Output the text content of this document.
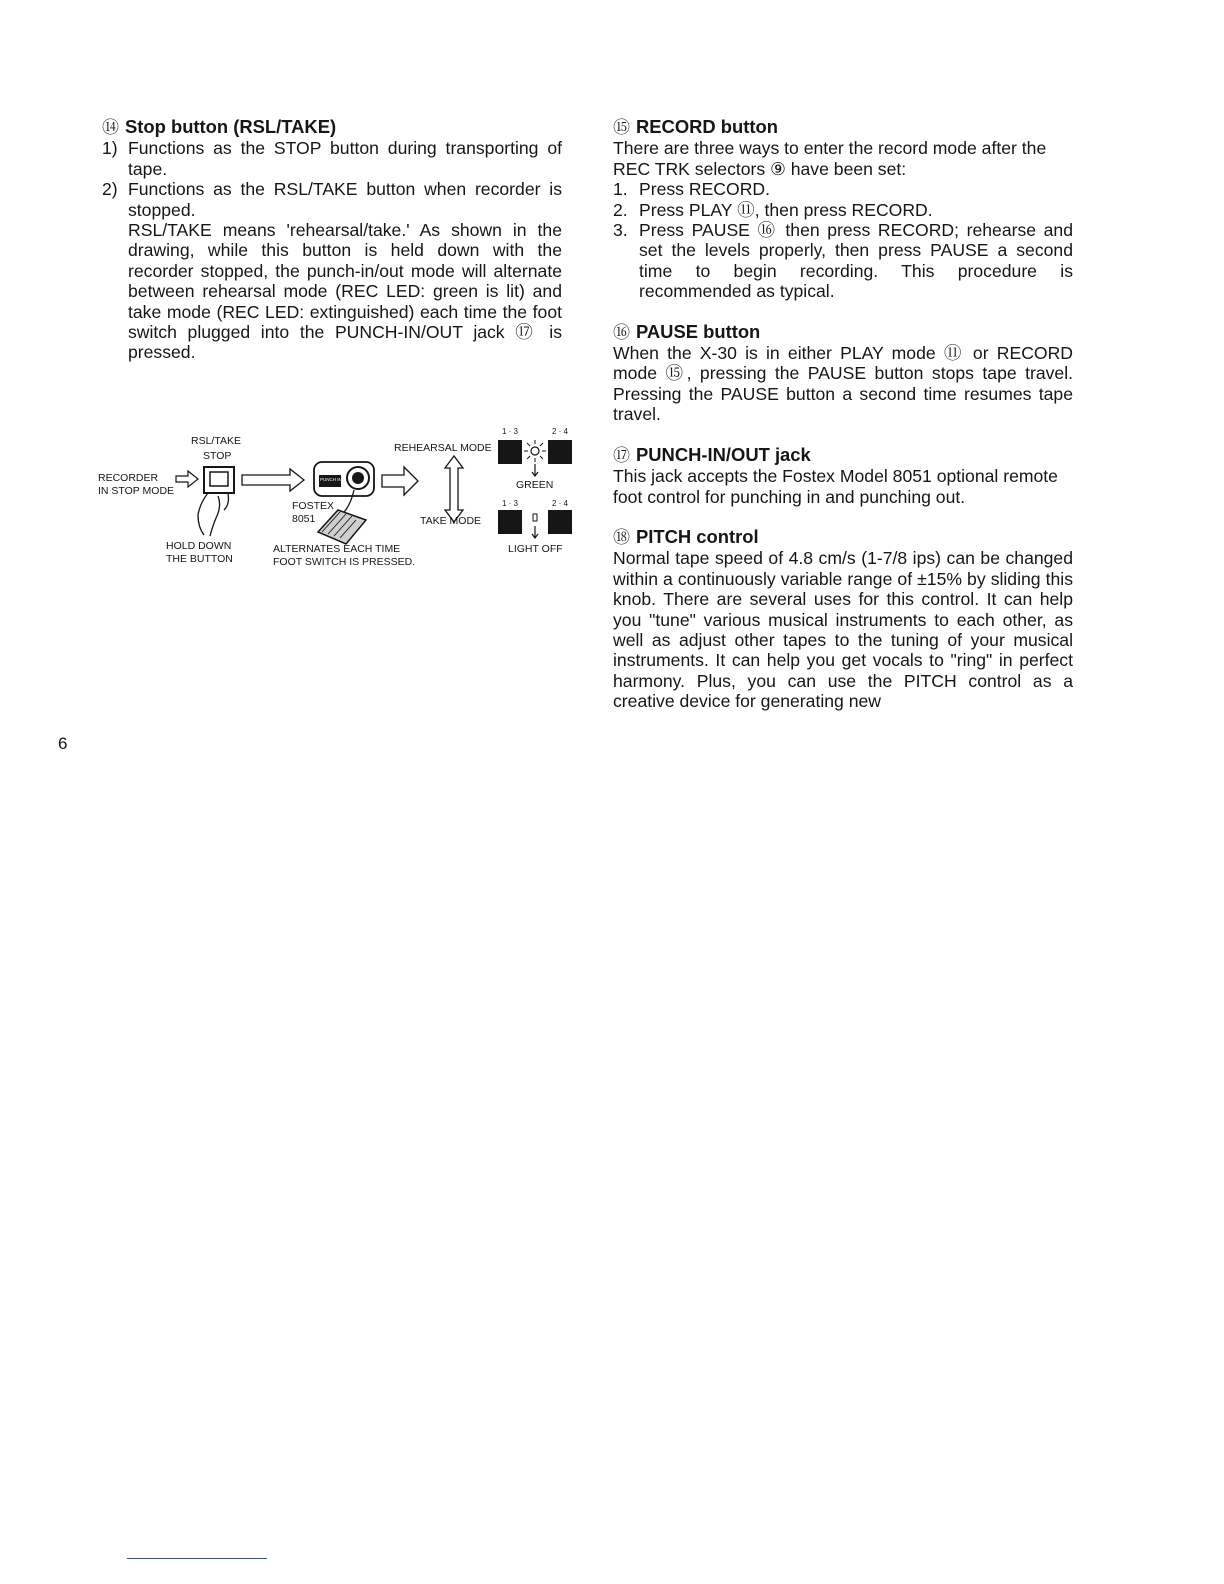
⑭ Stop button (RSL/TAKE)
1) Functions as the STOP button during transporting of tape.
2) Functions as the RSL/TAKE button when recorder is stopped.

RSL/TAKE means 'rehearsal/take.' As shown in the drawing, while this button is held down with the recorder stopped, the punch-in/out mode will alternate between rehearsal mode (REC LED: green is lit) and take mode (REC LED: extinguished) each time the foot switch plugged into the PUNCH-IN/OUT jack ⑰ is pressed.

RSL/TAKE
STOP
RECORDER
IN STOP MODE
HOLD DOWN
THE BUTTON
PUNCH IN/OUT
FOSTEX
8051
ALTERNATES EACH TIME
FOOT SWITCH IS PRESSED.
REHEARSAL MODE
TAKE MODE
1 · 3	2 · 4
GREEN
1 · 3	2 · 4
LIGHT OFF
⑮ RECORD button

There are three ways to enter the record mode after the REC TRK selectors ⑨ have been set:

1. Press RECORD.
2. Press PLAY ⑪, then press RECORD.
3. Press PAUSE ⑯ then press RECORD; rehearse and set the levels properly, then press PAUSE a second time to begin recording. This procedure is recommended as typical.
⑯ PAUSE button

When the X-30 is in either PLAY mode ⑪ or RECORD mode ⑮, pressing the PAUSE button stops tape travel. Pressing the PAUSE button a second time resumes tape travel.

⑰ PUNCH-IN/OUT jack

This jack accepts the Fostex Model 8051 optional remote foot control for punching in and punching out.

⑱ PITCH control

Normal tape speed of 4.8 cm/s (1-7/8 ips) can be changed within a continuously variable range of ±15% by sliding this knob. There are several uses for this control. It can help you "tune" various musical instruments to each other, as well as adjust other tapes to the tuning of your musical instruments. It can help you get vocals to "ring" in perfect harmony. Plus, you can use the PITCH control as a creative device for generating new

6
